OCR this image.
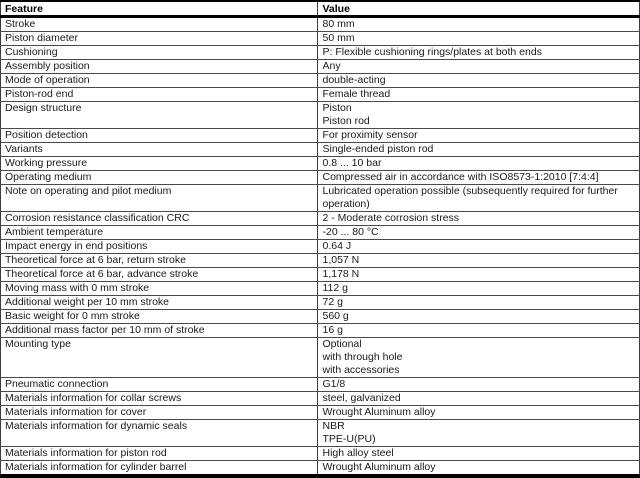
Feature	Value
Stroke	80 mm

Piston diameter	50 mm

Cushioning	P: Flexible cushioning rings/plates at both ends

Assembly position	Any

Mode of operation	double-acting

Piston-rod end	Female thread

Design structure	Piston
Piston rod

Position detection	For proximity sensor

Variants	Single-ended piston rod

Working pressure	0.8 ... 10 bar

Operating medium	Compressed air in accordance with ISO8573-1:2010 [7:4:4]

Note on operating and pilot medium	Lubricated operation possible (subsequently required for further operation)

Corrosion resistance classification CRC	2 - Moderate corrosion stress

Ambient temperature	-20 ... 80 °C

Impact energy in end positions	0.64 J

Theoretical force at 6 bar, return stroke	1,057 N

Theoretical force at 6 bar, advance stroke	1,178 N

Moving mass with 0 mm stroke	112 g

Additional weight per 10 mm stroke	72 g

Basic weight for 0 mm stroke	560 g

Additional mass factor per 10 mm of stroke	16 g

Mounting type	Optional
with through hole
with accessories

Pneumatic connection	G1/8

Materials information for collar screws	steel, galvanized

Materials information for cover	Wrought Aluminum alloy

Materials information for dynamic seals	NBR
TPE-U(PU)

Materials information for piston rod	High alloy steel

Materials information for cylinder barrel	Wrought Aluminum alloy
